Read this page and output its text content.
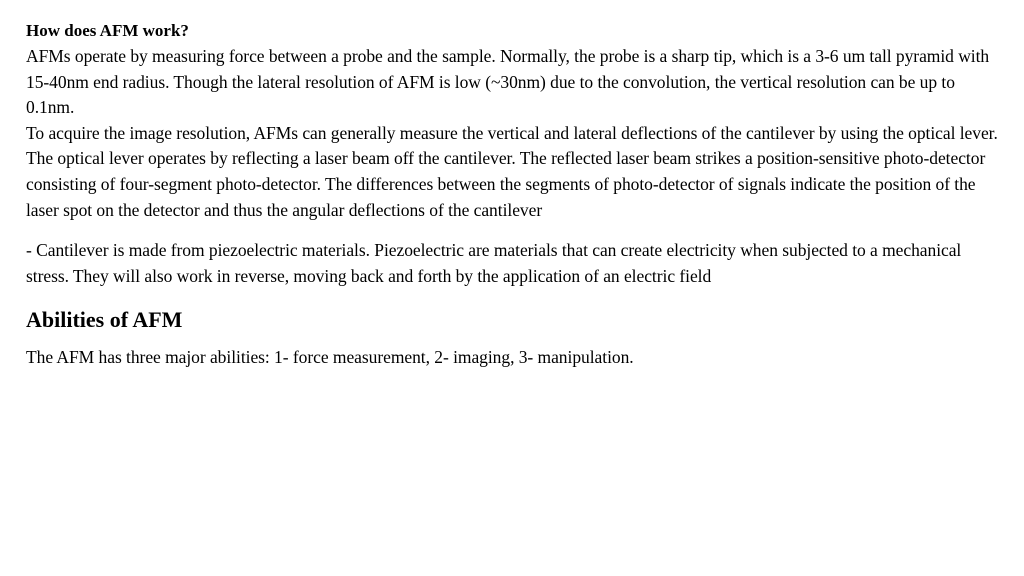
How does AFM work?

AFMs operate by measuring force between a probe and the sample. Normally, the probe is a sharp tip, which is a 3-6 um tall pyramid with 15-40nm end radius. Though the lateral resolution of AFM is low (~30nm) due to the convolution, the vertical resolution can be up to 0.1nm.

To acquire the image resolution, AFMs can generally measure the vertical and lateral deflections of the cantilever by using the optical lever. The optical lever operates by reflecting a laser beam off the cantilever. The reflected laser beam strikes a position-sensitive photo-detector consisting of four-segment photo-detector. The differences between the segments of photo-detector of signals indicate the position of the laser spot on the detector and thus the angular deflections of the cantilever

- Cantilever is made from piezoelectric materials. Piezoelectric are materials that can create electricity when subjected to a mechanical stress. They will also work in reverse, moving back and forth by the application of an electric field

Abilities of AFM

The AFM has three major abilities: 1- force measurement, 2- imaging, 3- manipulation.
